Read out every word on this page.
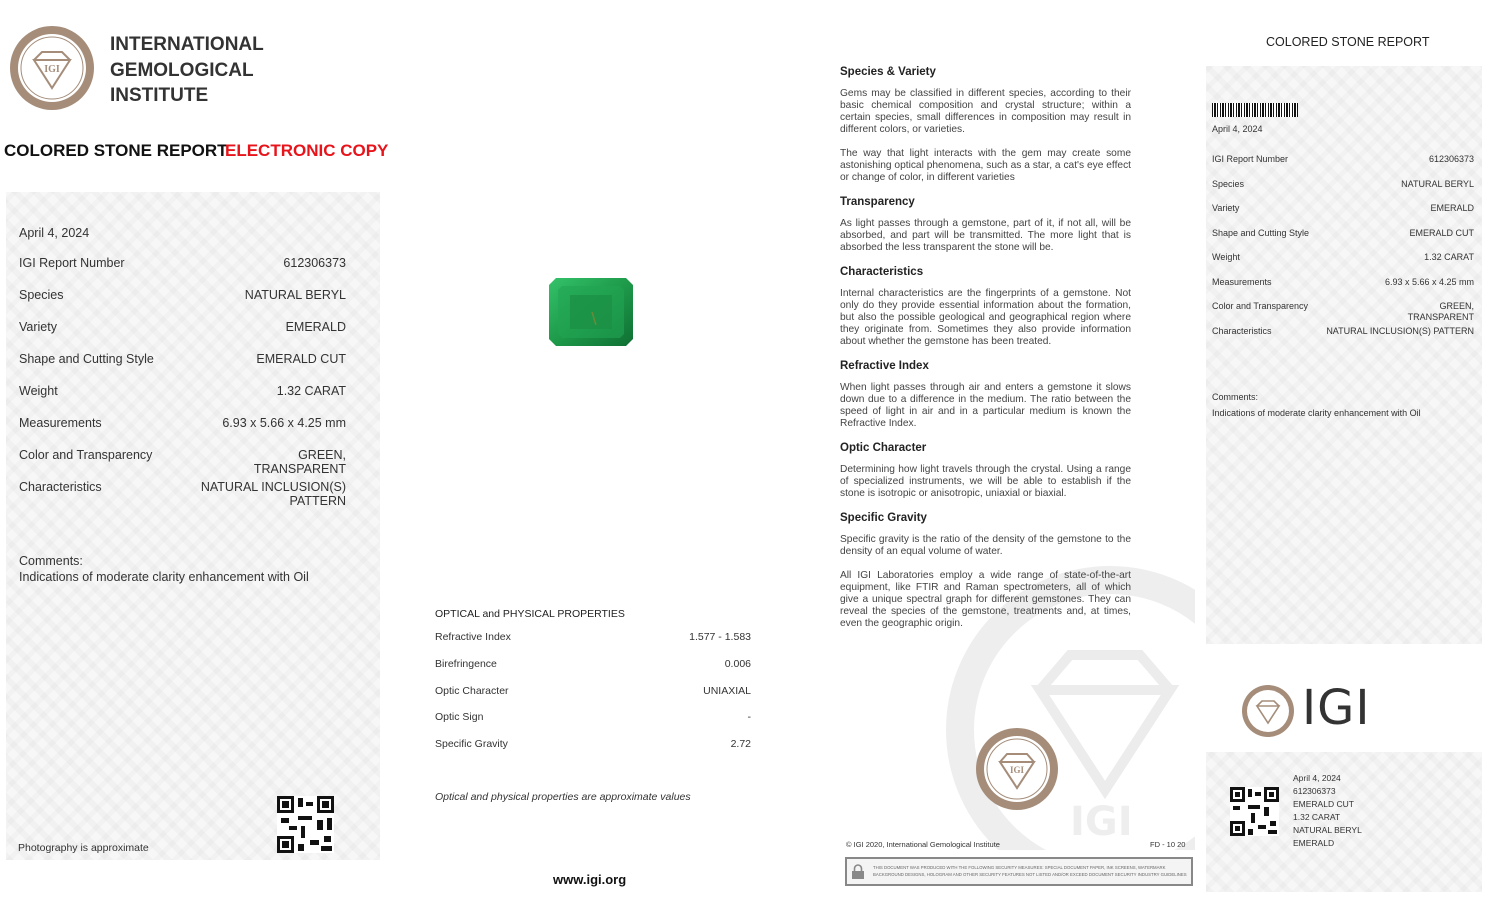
IGI
INTERNATIONAL
GEMOLOGICAL
INSTITUTE
COLORED STONE REPORT
ELECTRONIC COPY
April 4, 2024
IGI Report Number	612306373
Species	NATURAL BERYL
Variety	EMERALD
Shape and Cutting Style	EMERALD CUT
Weight	1.32 CARAT
Measurements	6.93 x 5.66 x 4.25 mm
Color and Transparency	GREEN,
TRANSPARENT
Characteristics	NATURAL INCLUSION(S)
PATTERN
Comments:
Indications of moderate clarity enhancement with Oil
Photography is approximate
OPTICAL and PHYSICAL PROPERTIES
Refractive Index	1.577 - 1.583
Birefringence	0.006
Optic Character	UNIAXIAL
Optic Sign	-
Specific Gravity	2.72
Optical and physical properties are approximate values
www.igi.org
IGI
Species & Variety
Gems may be classified in different species, according to their basic chemical composition and crystal structure; within a certain species, small differences in composition may result in different colors, or varieties.
The way that light interacts with the gem may create some astonishing optical phenomena, such as a star, a cat's eye effect or change of color, in different varieties
Transparency
As light passes through a gemstone, part of it, if not all, will be absorbed, and part will be transmitted. The more light that is absorbed the less transparent the stone will be.
Characteristics
Internal characteristics are the fingerprints of a gemstone. Not only do they provide essential information about the formation, but also the possible geological and geographical region where they originate from. Sometimes they also provide information about whether the gemstone has been treated.
Refractive Index
When light passes through air and enters a gemstone it slows down due to a difference in the medium. The ratio between the speed of light in air and in a particular medium is known the Refractive Index.
Optic Character
Determining how light travels through the crystal. Using a range of specialized instruments, we will be able to establish if the stone is isotropic or anisotropic, uniaxial or biaxial.
Specific Gravity
Specific gravity is the ratio of the density of the gemstone to the density of an equal volume of water.
All IGI Laboratories employ a wide range of state-of-the-art equipment, like FTIR and Raman spectrometers, all of which give a unique spectral graph for different gemstones. They can reveal the species of the gemstone, treatments and, at times, even the geographic origin.
IGI
© IGI 2020, International Gemological Institute	FD - 10 20
THIS DOCUMENT WAS PRODUCED WITH THE FOLLOWING SECURITY MEASURES: SPECIAL DOCUMENT PAPER, INK SCREENS, WATERMARK
BACKGROUND DESIGNS, HOLOGRAM AND OTHER SECURITY FEATURES NOT LISTED AND/OR EXCEED DOCUMENT SECURITY INDUSTRY GUIDELINES
COLORED STONE REPORT
April 4, 2024
IGI Report Number	612306373
Species	NATURAL BERYL
Variety	EMERALD
Shape and Cutting Style	EMERALD CUT
Weight	1.32 CARAT
Measurements	6.93 x 5.66 x 4.25 mm
Color and Transparency	GREEN,
TRANSPARENT
Characteristics	NATURAL INCLUSION(S) PATTERN
Comments:
Indications of moderate clarity enhancement with Oil
IGI
April 4, 2024
612306373
EMERALD CUT
1.32 CARAT
NATURAL BERYL
EMERALD
